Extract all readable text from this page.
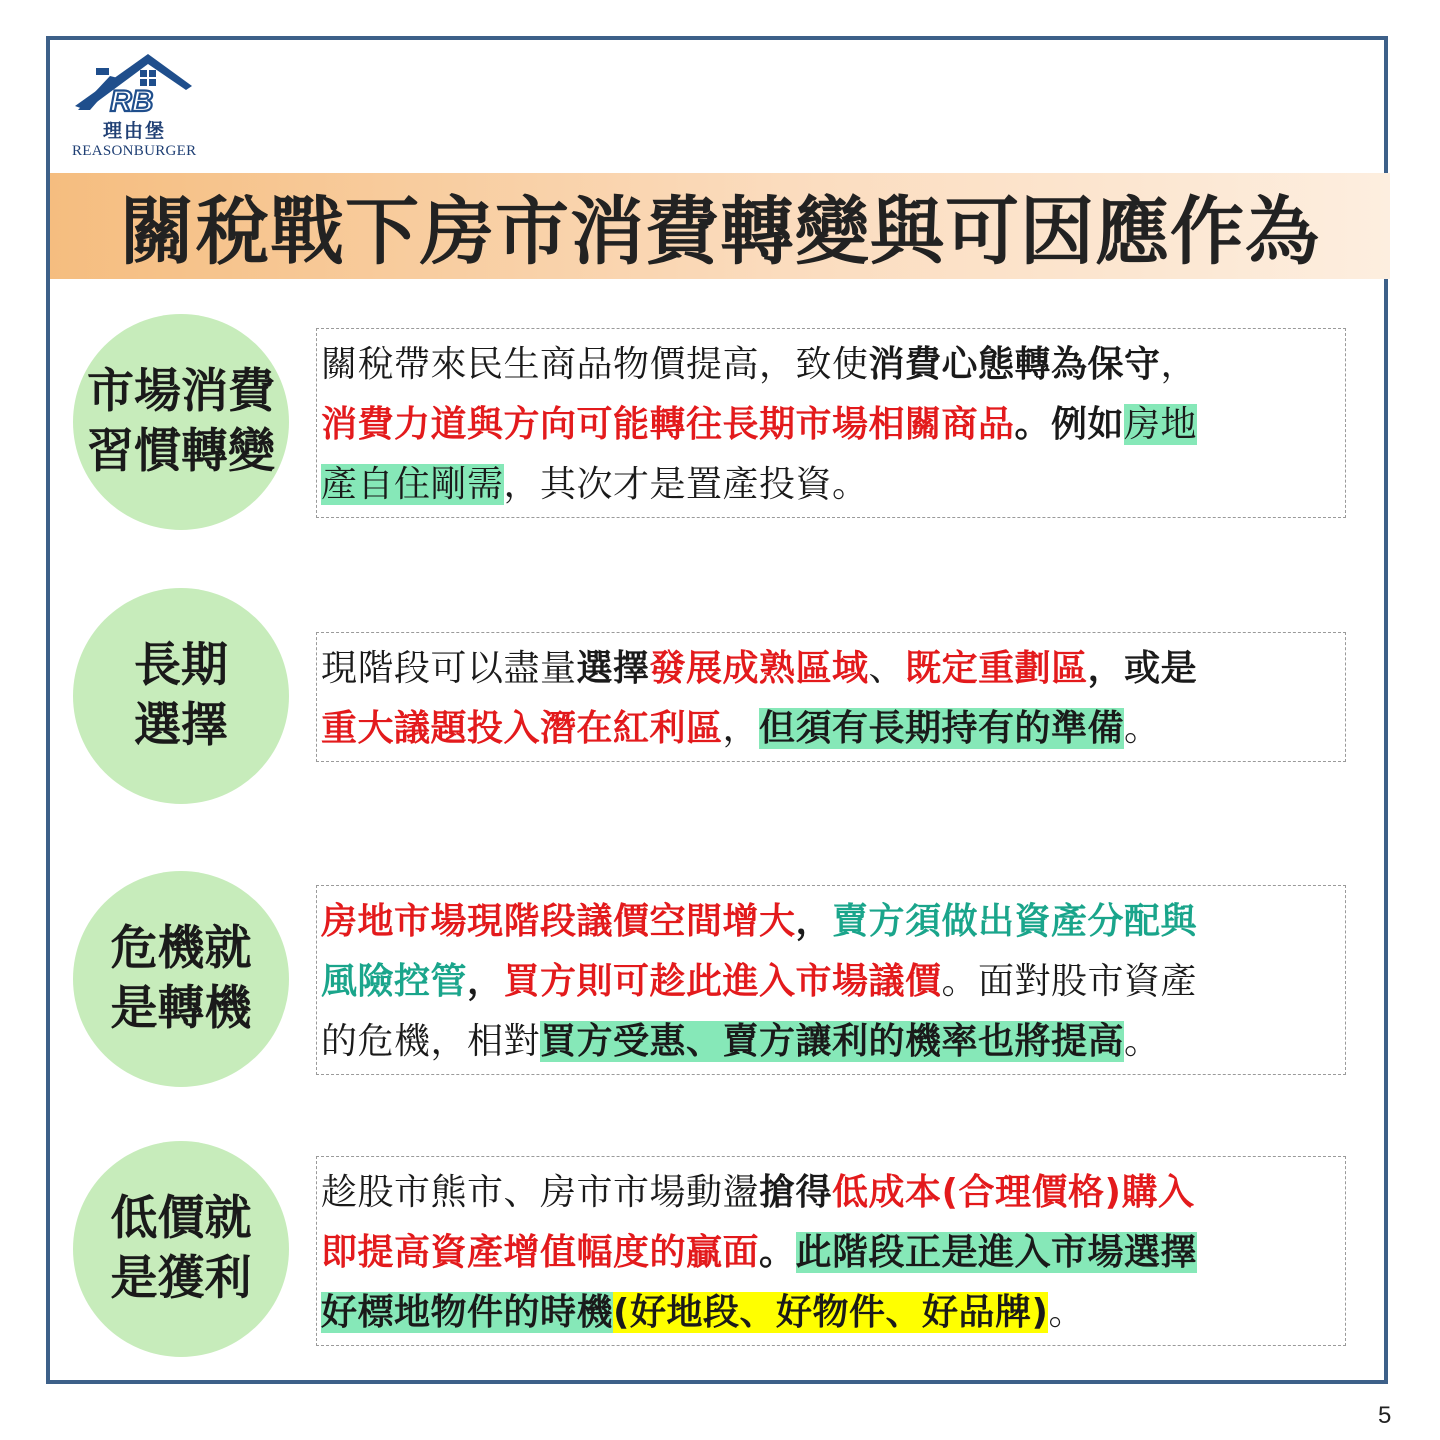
RB
理由堡
REASONBURGER
關稅戰下房市消費轉變與可因應作為
市場消費
習慣轉變
長期
選擇
危機就
是轉機
低價就
是獲利
關稅帶來民生商品物價提高，致使消費心態轉為保守，
消費力道與方向可能轉往長期市場相關商品。例如房地
產自住剛需，其次才是置產投資。
現階段可以盡量選擇發展成熟區域、既定重劃區，或是
重大議題投入潛在紅利區，但須有長期持有的準備。
房地市場現階段議價空間增大，賣方須做出資產分配與
風險控管，買方則可趁此進入市場議價。面對股市資產
的危機，相對買方受惠、賣方讓利的機率也將提高。
趁股市熊市、房市市場動盪搶得低成本(合理價格)購入
即提高資產增值幅度的贏面。此階段正是進入市場選擇
好標地物件的時機(好地段、好物件、好品牌)。
5
